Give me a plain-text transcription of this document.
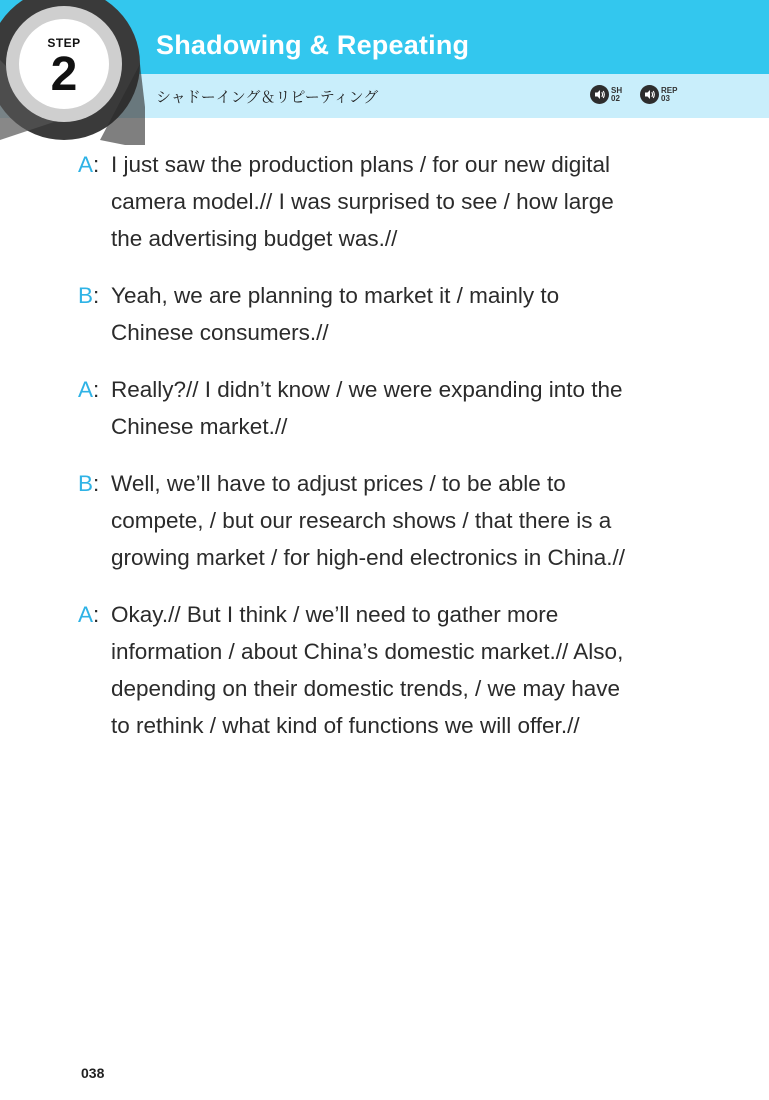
STEP
2
Shadowing & Repeating
シャドーイング＆リピーティング	SH
02
REP
03
A: I just saw the production plans / for our new digital
camera model.// I was surprised to see / how large
the advertising budget was.//
B: Yeah, we are planning to market it / mainly to
Chinese consumers.//
A: Really?// I didn’t know / we were expanding into the
Chinese market.//
B: Well, we’ll have to adjust prices / to be able to
compete, / but our research shows / that there is a
growing market / for high-end electronics in China.//
A: Okay.// But I think / we’ll need to gather more
information / about China’s domestic market.// Also,
depending on their domestic trends, / we may have
to rethink / what kind of functions we will offer.//
038
